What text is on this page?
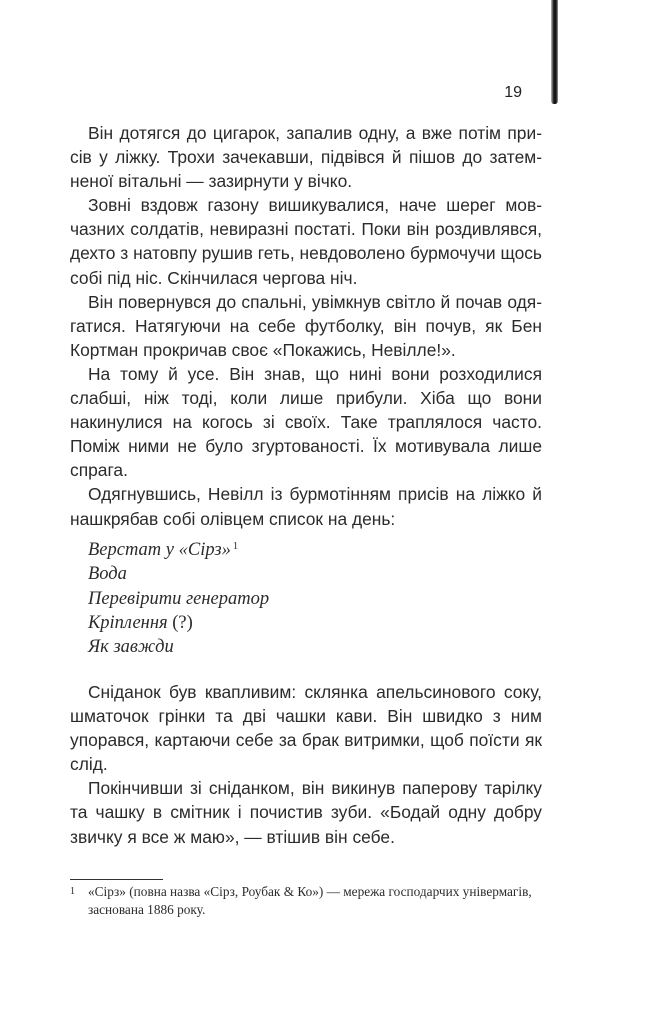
19

Він дотягся до цигарок, запалив одну, а вже потім присів у ліжку. Трохи зачекавши, підвівся й пішов до затемненої вітальні — зазирнути у вічко.

Зовні вздовж газону вишикувалися, наче шерег мовчазних солдатів, невиразні постаті. Поки він роздивлявся, дехто з натовпу рушив геть, невдоволено бурмочучи щось собі під ніс. Скінчилася чергова ніч.

Він повернувся до спальні, увімкнув світло й почав одягатися. Натягуючи на себе футболку, він почув, як Бен Кортман прокричав своє «Покажись, Невілле!».

На тому й усе. Він знав, що нині вони розходилися слабші, ніж тоді, коли лише прибули. Хіба що вони накинулися на когось зі своїх. Таке траплялося часто. Поміж ними не було згуртованості. Їх мотивувала лише спрага.

Одягнувшись, Невілл із бурмотінням присів на ліжко й нашкрябав собі олівцем список на день:

Верстат у «Сірз» $^1$
Вода
Перевірити генератор
Кріплення (?)
Як завжди

Сніданок був квапливим: склянка апельсинового соку, шматочок грінки та дві чашки кави. Він швидко з ним упорався, картаючи себе за брак витримки, щоб поїсти як слід.

Покінчивши зі сніданком, він викинув паперову тарілку та чашку в смітник і почистив зуби. «Бодай одну добру звичку я все ж маю», — втішив він себе.

1 «Сірз» (повна назва «Сірз, Роубак & Ко») — мережа господарчих універмагів, заснована 1886 року.
